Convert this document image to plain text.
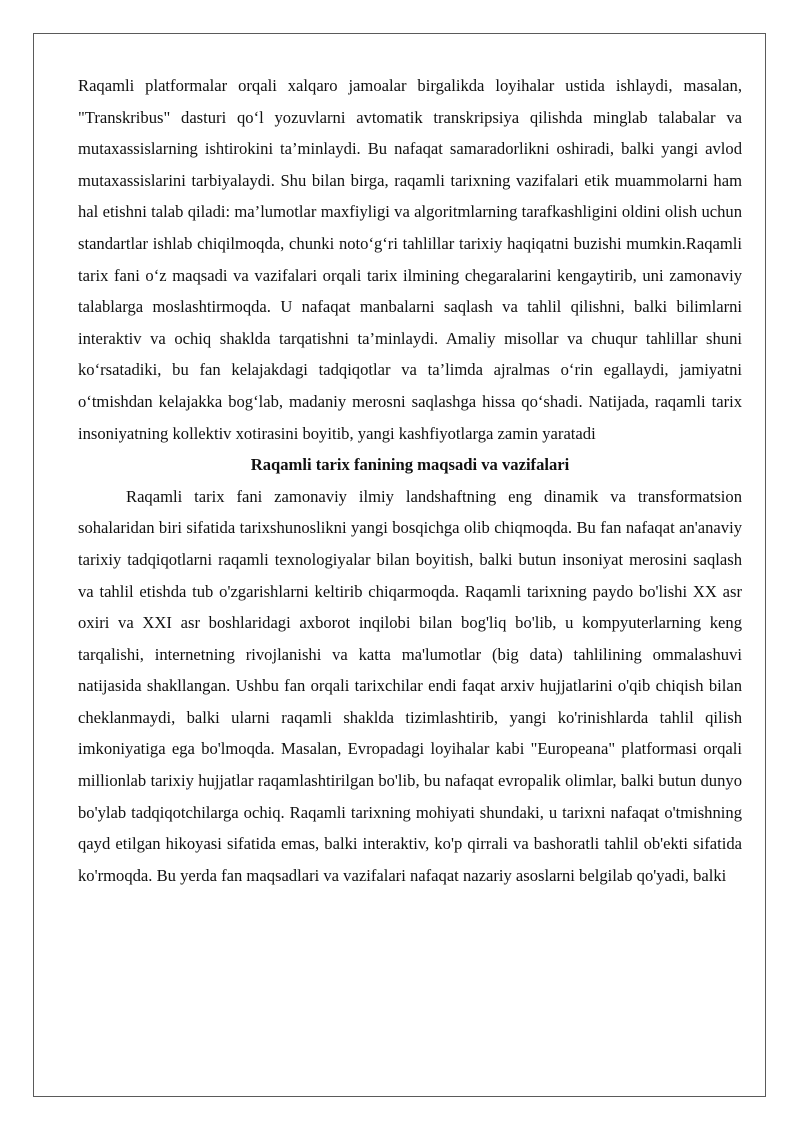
Raqamli platformalar orqali xalqaro jamoalar birgalikda loyihalar ustida ishlaydi, masalan, "Transkribus" dasturi qo‘l yozuvlarni avtomatik transkripsiya qilishda minglab talabalar va mutaxassislarning ishtirokini ta’minlaydi. Bu nafaqat samaradorlikni oshiradi, balki yangi avlod mutaxassislarini tarbiyalaydi. Shu bilan birga, raqamli tarixning vazifalari etik muammolarni ham hal etishni talab qiladi: ma’lumotlar maxfiyligi va algoritmlarning tarafkashligini oldini olish uchun standartlar ishlab chiqilmoqda, chunki noto‘g‘ri tahlillar tarixiy haqiqatni buzishi mumkin.Raqamli tarix fani o‘z maqsadi va vazifalari orqali tarix ilmining chegaralarini kengaytirib, uni zamonaviy talablarga moslashtirmoqda. U nafaqat manbalarni saqlash va tahlil qilishni, balki bilimlarni interaktiv va ochiq shaklda tarqatishni ta’minlaydi. Amaliy misollar va chuqur tahlillar shuni ko‘rsatadiki, bu fan kelajakdagi tadqiqotlar va ta’limda ajralmas o‘rin egallaydi, jamiyatni o‘tmishdan kelajakka bog‘lab, madaniy merosni saqlashga hissa qo‘shadi. Natijada, raqamli tarix insoniyatning kollektiv xotirasini boyitib, yangi kashfiyotlarga zamin yaratadi

Raqamli tarix fanining maqsadi va vazifalari

Raqamli tarix fani zamonaviy ilmiy landshaftning eng dinamik va transformatsion sohalaridan biri sifatida tarixshunoslikni yangi bosqichga olib chiqmoqda. Bu fan nafaqat an'anaviy tarixiy tadqiqotlarni raqamli texnologiyalar bilan boyitish, balki butun insoniyat merosini saqlash va tahlil etishda tub o'zgarishlarni keltirib chiqarmoqda. Raqamli tarixning paydo bo'lishi XX asr oxiri va XXI asr boshlaridagi axborot inqilobi bilan bog'liq bo'lib, u kompyuterlarning keng tarqalishi, internetning rivojlanishi va katta ma'lumotlar (big data) tahlilining ommalashuvi natijasida shakllangan. Ushbu fan orqali tarixchilar endi faqat arxiv hujjatlarini o'qib chiqish bilan cheklanmaydi, balki ularni raqamli shaklda tizimlashtirib, yangi ko'rinishlarda tahlil qilish imkoniyatiga ega bo'lmoqda. Masalan, Evropadagi loyihalar kabi "Europeana" platformasi orqali millionlab tarixiy hujjatlar raqamlashtirilgan bo'lib, bu nafaqat evropalik olimlar, balki butun dunyo bo'ylab tadqiqotchilarga ochiq. Raqamli tarixning mohiyati shundaki, u tarixni nafaqat o'tmishning qayd etilgan hikoyasi sifatida emas, balki interaktiv, ko'p qirrali va bashoratli tahlil ob'ekti sifatida ko'rmoqda. Bu yerda fan maqsadlari va vazifalari nafaqat nazariy asoslarni belgilab qo'yadi, balki
